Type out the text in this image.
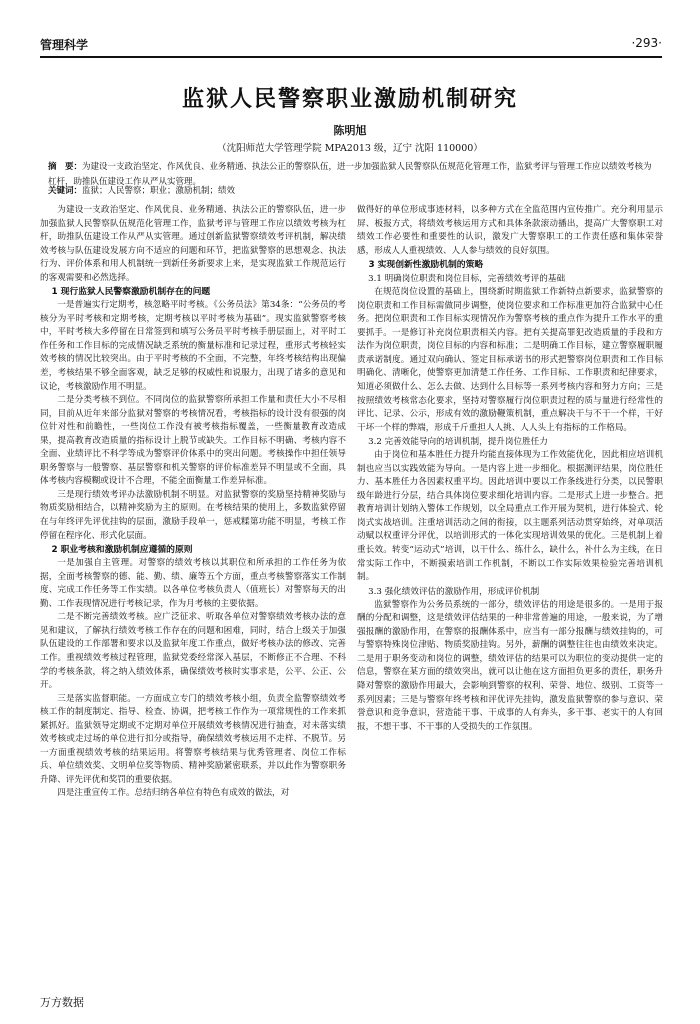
管理科学	·293·
监狱人民警察职业激励机制研究
陈明旭
（沈阳师范大学管理学院 MPA2013 级，辽宁 沈阳 110000）
摘　要：为建设一支政治坚定、作风优良、业务精通、执法公正的警察队伍，进一步加强监狱人民警察队伍规范化管理工作，监狱考评与管理工作应以绩效考核为杠杆，助推队伍建设工作从严从实管理。
关键词：监狱；人民警察；职业；激励机制；绩效

为建设一支政治坚定、作风优良、业务精通、执法公正的警察队伍，进一步加强监狱人民警察队伍规范化管理工作，监狱考评与管理工作应以绩效考核为杠杆，助推队伍建设工作从严从实管理。通过创新监狱警察绩效考评机制，解决绩效考核与队伍建设发展方向不适应的问题和环节，把监狱警察的思想观念、执法行为、评价体系和用人机制统一到新任务新要求上来，是实现监狱工作规范运行的客观需要和必然选择。

1 现行监狱人民警察激励机制存在的问题

一是普遍实行定期考，核忽略平时考核。《公务员法》第34条：“公务员的考核分为平时考核和定期考核，定期考核以平时考核为基础”。现实监狱警察考核中，平时考核大多停留在日常签到和填写公务员平时考核手册层面上，对平时工作任务和工作目标的完成情况缺乏系统的衡量标准和记录过程，重形式考核轻实效考核的情况比较突出。由于平时考核的不全面，不完整，年终考核结构出现偏差，考核结果不够全面客观，缺乏足够的权威性和说服力，出现了诸多的意见和议论，考核激励作用不明显。

二是分类考核不到位。不同岗位的监狱警察所承担工作量和责任大小不尽相同，目前从近年来部分监狱对警察的考核情况看，考核指标的设计没有很强的岗位针对性和前瞻性，一些岗位工作没有被考核指标覆盖，一些衡量教育改造成果，提高教育改造质量的指标设计上脱节或缺失。工作目标不明确、考核内容不全面、业绩评比不科学等成为警察评价体系中的突出问题。考核操作中担任领导职务警察与一般警察、基层警察和机关警察的评价标准差异不明显或不全面，具体考核内容模糊或设计不合理，不能全面衡量工作差异标准。

三是现行绩效考评办法激励机制不明显。对监狱警察的奖励坚持精神奖励与物质奖励相结合，以精神奖励为主的原则。在考核结果的使用上，多数监狱停留在与年终评先评优挂钩的层面，激励手段单一，惩戒糅第功能不明显，考核工作停留在程序化、形式化层面。

2 职业考核和激励机制应遵循的原则

一是加强自主管理。对警察的绩效考核以其职位和所承担的工作任务为依据，全面考核警察的德、能、勤、绩、廉等五个方面，重点考核警察落实工作制度、完成工作任务等工作实绩。以各单位考核负责人（值班长）对警察每天的出勤、工作表现情况进行考核记录，作为月考核的主要依据。

二是不断完善绩效考核。应广泛征求、听取各单位对警察绩效考核办法的意见和建议，了解执行绩效考核工作存在的问题和困难，同时，结合上级关于加强队伍建设的工作部署和要求以及监狱年度工作重点，做好考核办法的修改、完善工作。重视绩效考核过程管理，监狱党委经常深入基层，不断修正不合理、不科学的考核条款，将之纳入绩效体系，确保绩效考核时实事求是，公平、公正、公开。

三是落实监督职能。一方面成立专门的绩效考核小组，负责全监警察绩效考核工作的制度制定、指导、检查、协调，把考核工作作为一项常规性的工作来抓紧抓好。监狱领导定期或不定期对单位开展绩效考核情况进行抽查，对未落实绩效考核或走过场的单位进行扣分或指导，确保绩效考核运用不走样、不脱节。另一方面重视绩效考核的结果运用。将警察考核结果与优秀管理者、岗位工作标兵、单位绩效奖、文明单位奖等物质、精神奖励紧密联系，并以此作为警察职务升降、评先评优和奖罚的重要依据。

四是注重宣传工作。总结归纳各单位有特色有成效的做法，对

做得好的单位形成事迹材料，以多种方式在全监范围内宣传推广。充分利用显示屏、板报方式，将绩效考核运用方式和具体条款滚动播出，提高广大警察职工对绩效工作必要性和重要性的认识，激发广大警察职工的工作责任感和集体荣誉感，形成人人重视绩效、人人参与绩效的良好氛围。

3 实现创新性激励机制的策略
3.1 明确岗位职责和岗位目标，完善绩效考评的基础

在规范岗位设置的基础上，围绕新时期监狱工作新特点新要求，监狱警察的岗位职责和工作目标需做同步调整，使岗位要求和工作标准更加符合监狱中心任务。把岗位职责和工作目标实现情况作为警察考核的重点作为提升工作水平的重要抓手。一是修订补充岗位职责相关内容。把有关提高罪犯改造质量的手段和方法作为岗位职责，岗位目标的内容和标准；二是明确工作目标，建立警察履职履责承诺制度。通过双向确认、签定目标承诺书的形式把警察岗位职责和工作目标明确化、清晰化，使警察更加清楚工作任务、工作目标、工作职责和纪律要求，知道必须做什么、怎么去做、达到什么目标等一系列考核内容和努力方向；三是按照绩效考核常态化要求，坚持对警察履行岗位职责过程的质与量进行经常性的评比、记录、公示，形成有效的激励鞭策机制，重点解决干与不干一个样，干好干坏一个样的弊端，形成千斤重担人人挑、人人头上有指标的工作格局。

3.2 完善效能导向的培训机制，提升岗位胜任力

由于岗位和基本胜任力提升均能直接体现为工作效能优化，因此相应培训机制也应当以实践效能为导向。一是内容上进一步细化。根据测评结果，岗位胜任力、基本胜任力各因素权重平均。因此培训中要以工作条线进行分类，以民警职级年龄进行分层，结合具体岗位要求细化培训内容。二是形式上进一步整合。把教育培训计划纳入警体工作规划，以全局重点工作开展为契机，进行体验式、轮岗式实战培训。注重培训活动之间的衔接，以主题系列活动贯穿始终，对单项活动赋以权重评分评优，以培训形式的一体化实现培训效果的优化。三是机制上着重长效。转变“运动式”培训，以干什么、练什么，缺什么，补什么为主线，在日常实际工作中，不断摸索培训工作机制，不断以工作实际效果检验完善培训机制。

3.3 强化绩效评估的激励作用，形成评价机制

监狱警察作为公务员系统的一部分，绩效评估的用途是很多的。一是用于报酬的分配和调整，这是绩效评估结果的一种非常普遍的用途，一般来说，为了增强报酬的激励作用，在警察的报酬体系中，应当有一部分报酬与绩效挂钩的，可与警察特殊岗位津贴、物质奖励挂钩。另外，薪酬的调整往往也由绩效来决定。二是用于职务变动和岗位的调整，绩效评估的结果可以为职位的变动提供一定的信息，警察在某方面的绩效突出，就可以让他在这方面担负更多的责任，职务升降对警察的激励作用最大，会影响到警察的权利、荣誉、地位、级别、工资等一系列因素；三是与警察年终考核和评优评先挂钩，激发监狱警察的参与意识、荣誉意识和竞争意识，营造能干事、干成事的人有奔头，多干事、老实干的人有回报，不想干事、不干事的人受损失的工作氛围。

万方数据
